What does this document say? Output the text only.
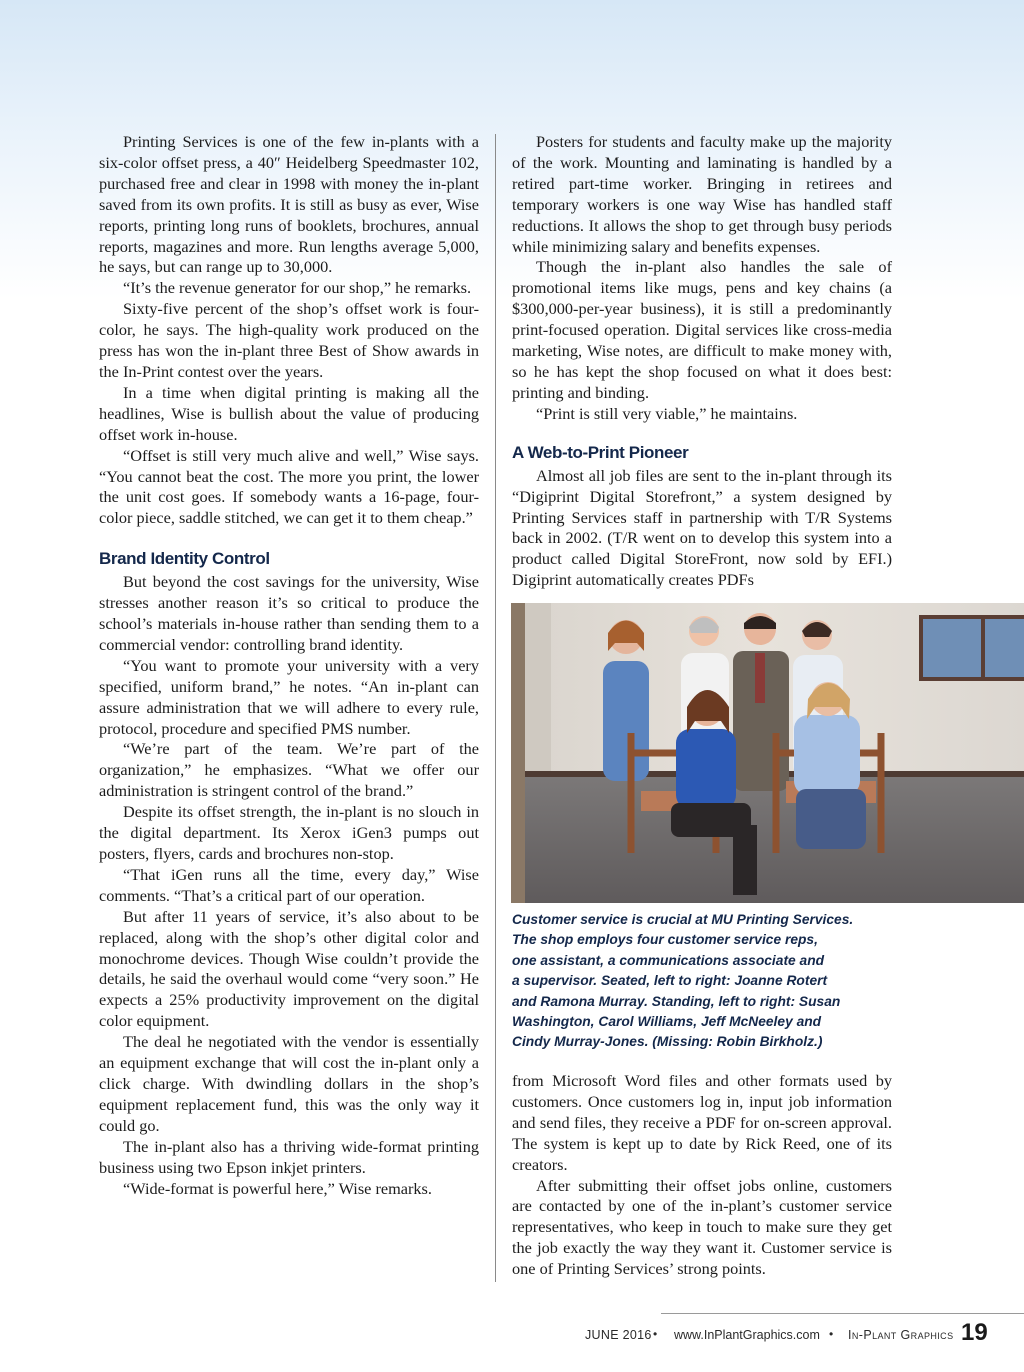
Printing Services is one of the few in-plants with a six-color offset press, a 40″ Heidelberg Speedmaster 102, purchased free and clear in 1998 with money the in-plant saved from its own profits. It is still as busy as ever, Wise reports, printing long runs of booklets, brochures, annual reports, magazines and more. Run lengths average 5,000, he says, but can range up to 30,000.

“It’s the revenue generator for our shop,” he remarks.

Sixty-five percent of the shop’s offset work is four-color, he says. The high-quality work produced on the press has won the in-plant three Best of Show awards in the In-Print contest over the years.

In a time when digital printing is making all the headlines, Wise is bullish about the value of producing offset work in-house.

“Offset is still very much alive and well,” Wise says. “You cannot beat the cost. The more you print, the lower the unit cost goes. If somebody wants a 16-page, four-color piece, saddle stitched, we can get it to them cheap.”

Brand Identity Control

But beyond the cost savings for the university, Wise stresses another reason it’s so critical to produce the school’s materials in-house rather than sending them to a commercial vendor: controlling brand identity.

“You want to promote your university with a very specified, uniform brand,” he notes. “An in-plant can assure administration that we will adhere to every rule, protocol, procedure and specified PMS number.

“We’re part of the team. We’re part of the organization,” he emphasizes. “What we offer our administration is stringent control of the brand.”

Despite its offset strength, the in-plant is no slouch in the digital department. Its Xerox iGen3 pumps out posters, flyers, cards and brochures non-stop.

“That iGen runs all the time, every day,” Wise comments. “That’s a critical part of our operation.

But after 11 years of service, it’s also about to be replaced, along with the shop’s other digital color and monochrome devices. Though Wise couldn’t provide the details, he said the overhaul would come “very soon.” He expects a 25% productivity improvement on the digital color equipment.

The deal he negotiated with the vendor is essentially an equipment exchange that will cost the in-plant only a click charge. With dwindling dollars in the shop’s equipment replacement fund, this was the only way it could go.

The in-plant also has a thriving wide-format printing business using two Epson inkjet printers.

“Wide-format is powerful here,” Wise remarks.

Posters for students and faculty make up the majority of the work. Mounting and laminating is handled by a retired part-time worker. Bringing in retirees and temporary workers is one way Wise has handled staff reductions. It allows the shop to get through busy periods while minimizing salary and benefits expenses.

Though the in-plant also handles the sale of promotional items like mugs, pens and key chains (a $300,000-per-year business), it is still a predominantly print-focused operation. Digital services like cross-media marketing, Wise notes, are difficult to make money with, so he has kept the shop focused on what it does best: printing and binding.

“Print is still very viable,” he maintains.

A Web-to-Print Pioneer

Almost all job files are sent to the in-plant through its “Digiprint Digital Storefront,” a system designed by Printing Services staff in partnership with T/R Systems back in 2002. (T/R went on to develop this system into a product called Digital StoreFront, now sold by EFI.) Digiprint automatically creates PDFs

Customer service is crucial at MU Printing Services.
The shop employs four customer service reps,
one assistant, a communications associate and
a supervisor. Seated, left to right: Joanne Rotert
and Ramona Murray. Standing, left to right: Susan
Washington, Carol Williams, Jeff McNeeley and
Cindy Murray-Jones. (Missing: Robin Birkholz.)

from Microsoft Word files and other formats used by customers. Once customers log in, input job information and send files, they receive a PDF for on-screen approval. The system is kept up to date by Rick Reed, one of its creators.

After submitting their offset jobs online, customers are contacted by one of the in-plant’s customer service representatives, who keep in touch to make sure they get the job exactly the way they want it. Customer service is one of Printing Services’ strong points.

JUNE 2016 • www.InPlantGraphics.com • In-Plant Graphics 19
